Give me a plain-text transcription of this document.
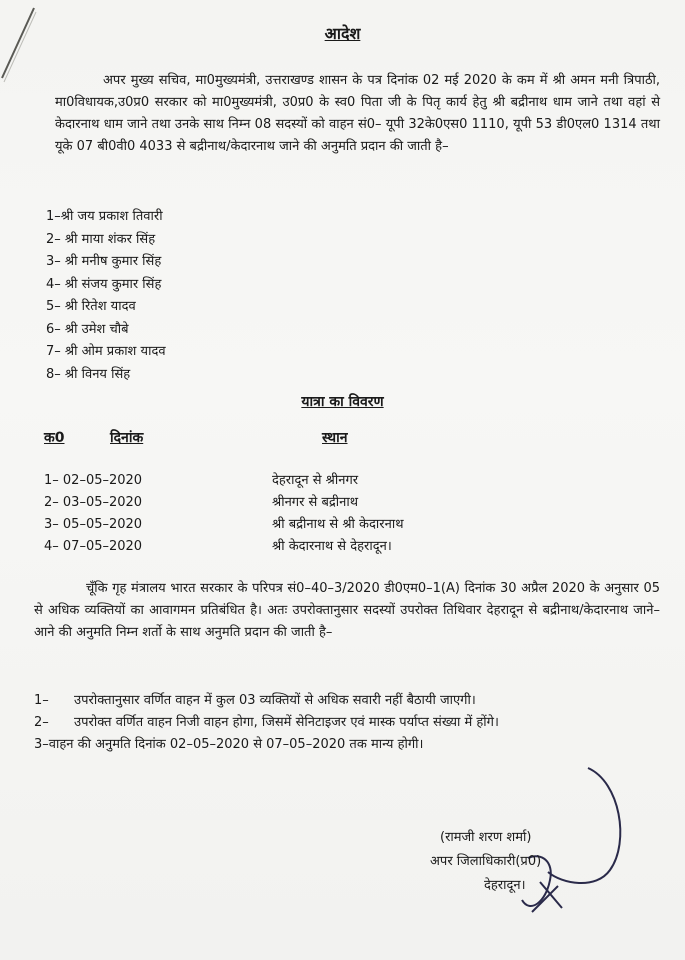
आदेश

अपर मुख्य सचिव, मा0मुख्यमंत्री, उत्तराखण्ड शासन के पत्र दिनांक 02 मई 2020 के कम में श्री अमन मनी त्रिपाठी, मा0विधायक,उ0प्र0 सरकार को मा0मुख्यमंत्री, उ0प्र0 के स्व0 पिता जी के पितृ कार्य हेतु श्री बद्रीनाथ धाम जाने तथा वहां से केदारनाथ धाम जाने तथा उनके साथ निम्न 08 सदस्यों को वाहन सं0– यूपी 32के0एस0 1110, यूपी 53 डी0एल0 1314 तथा यूके 07 बी0वी0 4033 से बद्रीनाथ/केदारनाथ जाने की अनुमति प्रदान की जाती है–

1–श्री जय प्रकाश तिवारी
2– श्री माया शंकर सिंह
3– श्री मनीष कुमार सिंह
4– श्री संजय कुमार सिंह
5– श्री रितेश यादव
6– श्री उमेश चौबे
7– श्री ओम प्रकाश यादव
8– श्री विनय सिंह
यात्रा का विवरण
क0	दिनांक	स्थान
1– 02–05–2020	देहरादून से श्रीनगर
2– 03–05–2020	श्रीनगर से बद्रीनाथ
3– 05–05–2020	श्री बद्रीनाथ से श्री केदारनाथ
4– 07–05–2020	श्री केदारनाथ से देहरादून।

चूँकि गृह मंत्रालय भारत सरकार के परिपत्र सं0–40–3/2020 डी0एम0–1(A) दिनांक 30 अप्रैल 2020 के अनुसार 05 से अधिक व्यक्तियों का आवागमन प्रतिबंधित है। अतः उपरोक्तानुसार सदस्यों उपरोक्त तिथिवार देहरादून से बद्रीनाथ/केदारनाथ जाने–आने की अनुमति निम्न शर्तो के साथ अनुमति प्रदान की जाती है–

1– उपरोक्तानुसार वर्णित वाहन में कुल 03 व्यक्तियों से अधिक सवारी नहीं बैठायी जाएगी।

2– उपरोक्त वर्णित वाहन निजी वाहन होगा, जिसमें सेनिटाइजर एवं मास्क पर्याप्त संख्या में होंगे।

3–वाहन की अनुमति दिनांक 02–05–2020 से 07–05–2020 तक मान्य होगी।

(रामजी शरण शर्मा)
अपर जिलाधिकारी(प्र0)
देहरादून।
